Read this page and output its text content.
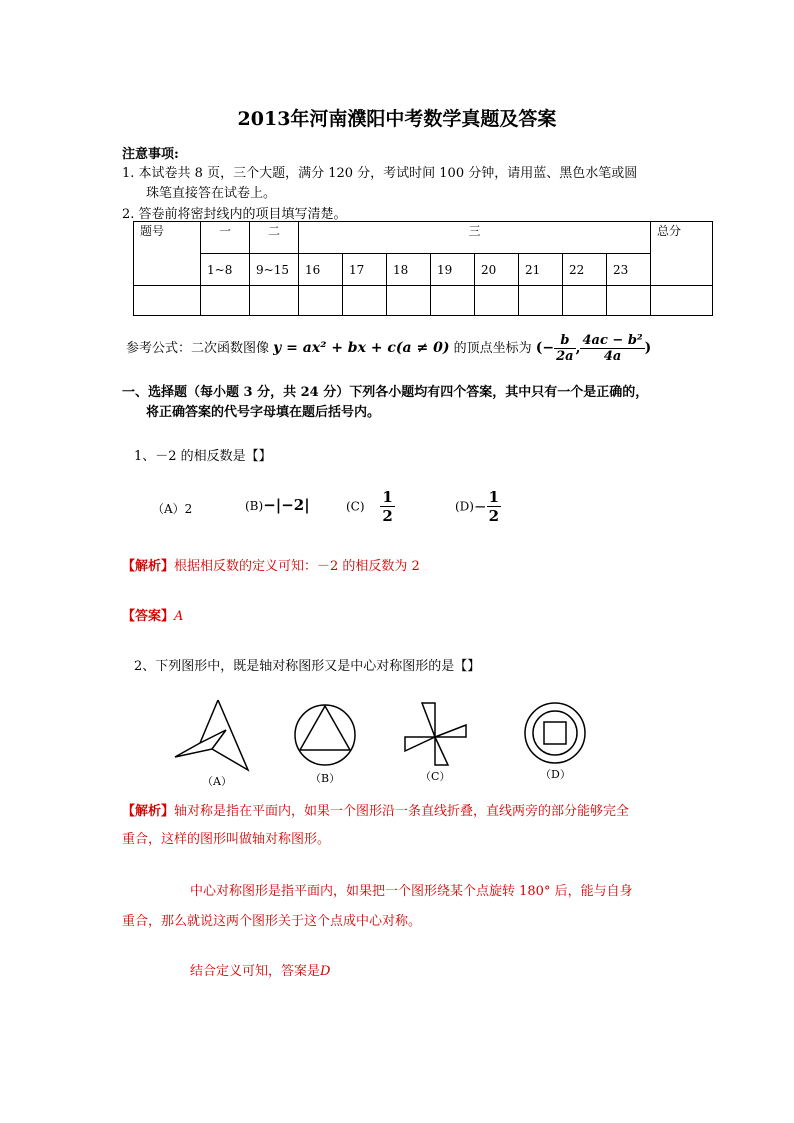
2013年河南濮阳中考数学真题及答案
注意事项:
1. 本试卷共 8 页，三个大题，满分 120 分，考试时间 100 分钟，请用蓝、黑色水笔或圆
珠笔直接答在试卷上。
2. 答卷前将密封线内的项目填写清楚。
题号	一	二	三								总分
	1~8	9~15	16	17	18	19	20	21	22	23	

参考公式：二次函数图像 y = ax² + bx + c(a ≠ 0) 的顶点坐标为 (− $\frac{b}{2a}$ , $\frac{\text{4ac − b²}}{4a}$ )
一、选择题（每小题 3 分，共 24 分）下列各小题均有四个答案，其中只有一个是正确的，
将正确答案的代号字母填在题后括号内。
1、－2 的相反数是【】
（A）2	(B)−|−2|	$(C) \frac{1}{2}$	$(D)- \frac{1}{2}$
【解析】根据相反数的定义可知：－2 的相反数为 2
【答案】A
2、下列图形中，既是轴对称图形又是中心对称图形的是【】
（A）	（B）	（C）	（D）
【解析】轴对称是指在平面内，如果一个图形沿一条直线折叠，直线两旁的部分能够完全
重合，这样的图形叫做轴对称图形。
中心对称图形是指平面内，如果把一个图形绕某个点旋转 180° 后，能与自身
重合，那么就说这两个图形关于这个点成中心对称。
结合定义可知，答案是D
